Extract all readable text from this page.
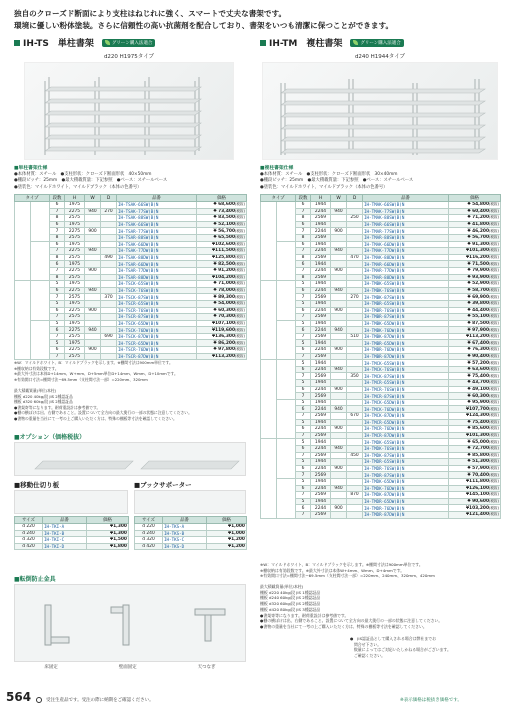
独自のクローズド断面により支柱はねじれに強く、スマートで丈夫な書架です。
環境に優しい粉体塗装。さらに信頼性の高い抗菌剤を配合しており、書架をいつも清潔に保つことができます。
IH-TS　単柱書架	グリーン購入法適合
d220 H1975タイプ
■単柱書架仕様
●本体材質：スチール　●支柱形状：クローズド断面形状　40×50mm
●棚段ピッチ：25mm　●最大積載質量：下記参照　●ベース：スチールベース
●塗装色：マイルドホワイト、マイルドブラック（本体の色番号）
タイプ		段数	H	W	D	品番	価格
		6	1975			IH-TSAK-66SW(B)N	¥ 68,600(税抜)
		7	2275	940	270	IH-TSAK-77SW(B)N	¥ 73,400(税抜)
		8	2575			IH-TSAK-88SW(B)N	¥ 83,500(税抜)
		6	1975			IH-TSAK-66SW(B)N	¥ 52,100(税抜)
		7	2275	900		IH-TSAR-77SW(B)N	¥ 56,700(税抜)
		8	2575			IH-TSAR-88SW(B)N	¥ 65,500(税抜)
		6	1975			IH-TSAK-66DW(B)N	¥102,600(税抜)
		7	2275	940		IH-TSAK-77DW(B)N	¥111,500(税抜)
		8	2575		490	IH-TSAK-88DW(B)N	¥125,800(税抜)
		6	1975			IH-TSAR-66DW(B)N	¥ 82,500(税抜)
		7	2275	900		IH-TSAR-77DW(B)N	¥ 91,200(税抜)
		8	2575			IH-TSAR-88DW(B)N	¥104,200(税抜)
		5	1975			IH-TSCK-65SW(B)N	¥ 71,000(税抜)
		6	2275	940		IH-TSCK-76SW(B)N	¥ 78,000(税抜)
		7	2575		370	IH-TSCK-87SW(B)N	¥ 89,300(税抜)
		5	1975			IH-TSCR-65SW(B)N	¥ 54,000(税抜)
		6	2275	900		IH-TSCR-76SW(B)N	¥ 60,300(税抜)
		7	2575			IH-TSCR-87SW(B)N	¥ 70,300(税抜)
		5	1975			IH-TSCK-65DW(B)N	¥107,100(税抜)
		6	2275	940		IH-TSCK-76DW(B)N	¥119,600(税抜)
		7	2575		690	IH-TSCK-87DW(B)N	¥136,300(税抜)
		5	1975			IH-TSCR-65DW(B)N	¥ 86,200(税抜)
		6	2275	900		IH-TSCR-76DW(B)N	¥ 97,800(税抜)
		7	2575			IH-TSCR-87DW(B)N	¥113,200(税抜)
※W：マイルドホワイト、B：マイルドブラックを示します。※棚間寸法は900mm単位です。
※棚収納は有効段数です。
※最大外寸法は本体D+14mm、W+mm、D+5mm単位D+14mm、Wmm、D+10mmです。
※有効開口寸法=棚間寸法−69.5mm（支柱間寸法一部）=220mm、320mm
最大積載質量(単位/本柱)
棚板 d220 40kg/段 JIS 2種認証品
棚板 d320 60kg/段 JIS 2種認証品
●書架寄等になります。耐荷重設計は参考値です。
●棚の横ぼけは出、右側であること。設置について全方向の最大奥行の一部の状態に注意してください。
●書物の重量を当社にて一考の上ご購入いただく方は、特殊の棚板等寸法を確認してください。
■オプション（価格税抜）
■移動仕切り板
サイズ	品番	価格
d 220	IH-TKI-A	¥1,300
d 240	IH-TKI-B	¥1,300
d 320	IH-TKI-C	¥1,500
d 420	IH-TKI-D	¥1,800
■ブックサポーター
サイズ	品番	価格
d 220	IH-TKS-A	¥1,000
d 240	IH-TKS-B	¥1,000
d 320	IH-TKS-C	¥1,200
d 420	IH-TKS-D	¥1,200
■転倒防止金具
床固定	壁面固定	天つなぎ
IH-TM　複柱書架	グリーン購入法適合
d240 H1944タイプ
■複柱書架仕様
●本体材質：スチール　●支柱形状：クローズド断面形状　30×40mm
●棚段ピッチ：25mm　●最大積載質量：下記参照　●ベース：スチールベース
●塗装色：マイルドホワイト、マイルドブラック（本体の色番号）
タイプ		段数	H	W	D	品番	価格
		6	1944			IH-TMAK-66SW(B)N	¥ 54,800(税抜)
		7	2244	940		IH-TMAK-77SW(B)N	¥ 60,400(税抜)
		8	2569		250	IH-TMAK-88SW(B)N	¥ 71,200(税抜)
		6	1944			IH-TMAR-66SW(B)N	¥ 41,800(税抜)
		7	2244	900		IH-TMAR-77SW(B)N	¥ 46,200(税抜)
		8	2569			IH-TMAR-88SW(B)N	¥ 56,700(税抜)
		6	1944			IH-TMAK-66DW(B)N	¥ 91,300(税抜)
		7	2244	940		IH-TMAK-77DW(B)N	¥101,300(税抜)
		8	2569		470	IH-TMAK-88DW(B)N	¥116,200(税抜)
		6	1944			IH-TMAR-66DW(B)N	¥ 71,500(税抜)
		7	2244	900		IH-TMAR-77DW(B)N	¥ 79,900(税抜)
		8	2569			IH-TMAR-88DW(B)N	¥ 93,900(税抜)
		5	1944			IH-TMBK-65SW(B)N	¥ 52,900(税抜)
		6	2244	940		IH-TMBK-76SW(B)N	¥ 58,700(税抜)
		7	2569		270	IH-TMBK-87SW(B)N	¥ 69,900(税抜)
		5	1944			IH-TMBR-65SW(B)N	¥ 39,800(税抜)
		6	2244	900		IH-TMBR-76SW(B)N	¥ 44,400(税抜)
		7	2569			IH-TMBR-87SW(B)N	¥ 55,100(税抜)
		5	1944			IH-TMBK-65DW(B)N	¥ 87,500(税抜)
		6	2244	940		IH-TMBK-76DW(B)N	¥ 97,900(税抜)
		7	2569		510	IH-TMBK-87DW(B)N	¥113,200(税抜)
		5	1944			IH-TMBR-65DW(B)N	¥ 67,400(税抜)
		6	2244	900		IH-TMBR-76DW(B)N	¥ 76,300(税抜)
		7	2569			IH-TMBR-87DW(B)N	¥ 90,400(税抜)
		5	1944			IH-TMCK-65SW(B)N	¥ 57,200(税抜)
		6	2244	940		IH-TMCK-76SW(B)N	¥ 63,600(税抜)
		7	2569		350	IH-TMCK-87SW(B)N	¥ 75,400(税抜)
		5	1944			IH-TMCR-65SW(B)N	¥ 43,700(税抜)
		6	2244	900		IH-TMCR-76SW(B)N	¥ 49,100(税抜)
		7	2569			IH-TMCR-87SW(B)N	¥ 60,300(税抜)
		5	1944			IH-TMCK-65DW(B)N	¥ 95,900(税抜)
		6	2244	940		IH-TMCK-76DW(B)N	¥107,700(税抜)
		7	2569		670	IH-TMCK-87DW(B)N	¥124,300(税抜)
		5	1944			IH-TMCR-65DW(B)N	¥ 75,400(税抜)
		6	2244	900		IH-TMCR-76DW(B)N	¥ 85,600(税抜)
		7	2569			IH-TMCR-87DW(B)N	¥101,300(税抜)
		5	1944			IH-TMDK-65SW(B)N	¥ 65,000(税抜)
		6	2244	940		IH-TMDK-76SW(B)N	¥ 72,700(税抜)
		7	2569		450	IH-TMDK-87SW(B)N	¥ 85,800(税抜)
		5	1944			IH-TMDR-65SW(B)N	¥ 51,300(税抜)
		6	2244	900		IH-TMDR-76SW(B)N	¥ 57,900(税抜)
		7	2569			IH-TMDR-87SW(B)N	¥ 70,400(税抜)
		5	1944			IH-TMDK-65DW(B)N	¥111,800(税抜)
		6	2244	940		IH-TMDK-76DW(B)N	¥126,100(税抜)
		7	2569		870	IH-TMDK-87DW(B)N	¥145,100(税抜)
		5	1944			IH-TMDR-65DW(B)N	¥ 90,600(税抜)
		6	2244	900		IH-TMDR-76DW(B)N	¥103,200(税抜)
		7	2569			IH-TMDR-87DW(B)N	¥121,400(税抜)
※W：マイルドホワイト、B：マイルドブラックを示します。※棚間寸法は900mm単位です。
※棚収納は有効段数です。※最大外寸法は本体W+4mm、Wmm、D+4mmです。
※有効開口寸法=棚間寸法−69.5mm（支柱間寸法一部）=220mm、240mm、320mm、420mm
最大積載質量(単位/本柱)
棚板 d220 40kg/段 JIS 1種認証品
棚板 d240 60kg/段 JIS 2種認証品
棚板 d320 60kg/段 JIS 2種認証品
棚板 d420 80kg/段 JIS 3種認証品
●書架寄等になります。耐荷重設計は参考値です。
●棚の横ぼけは出、右側であること。設置について全方向の最大奥行の一部の状態に注意してください。
●書物の重量を当社にて一考の上ご購入いただく方は、特殊の棚板等寸法を確認してください。
●　JIS認証品として購入される場合は弊社までお
　問合せ下さい。
　数量によってはご対応いたしかねる場合がございます。
　ご確認ください。
564	受注生産品です。受注の際に納期をご確認ください。	※表示価格は税抜き価格です。
